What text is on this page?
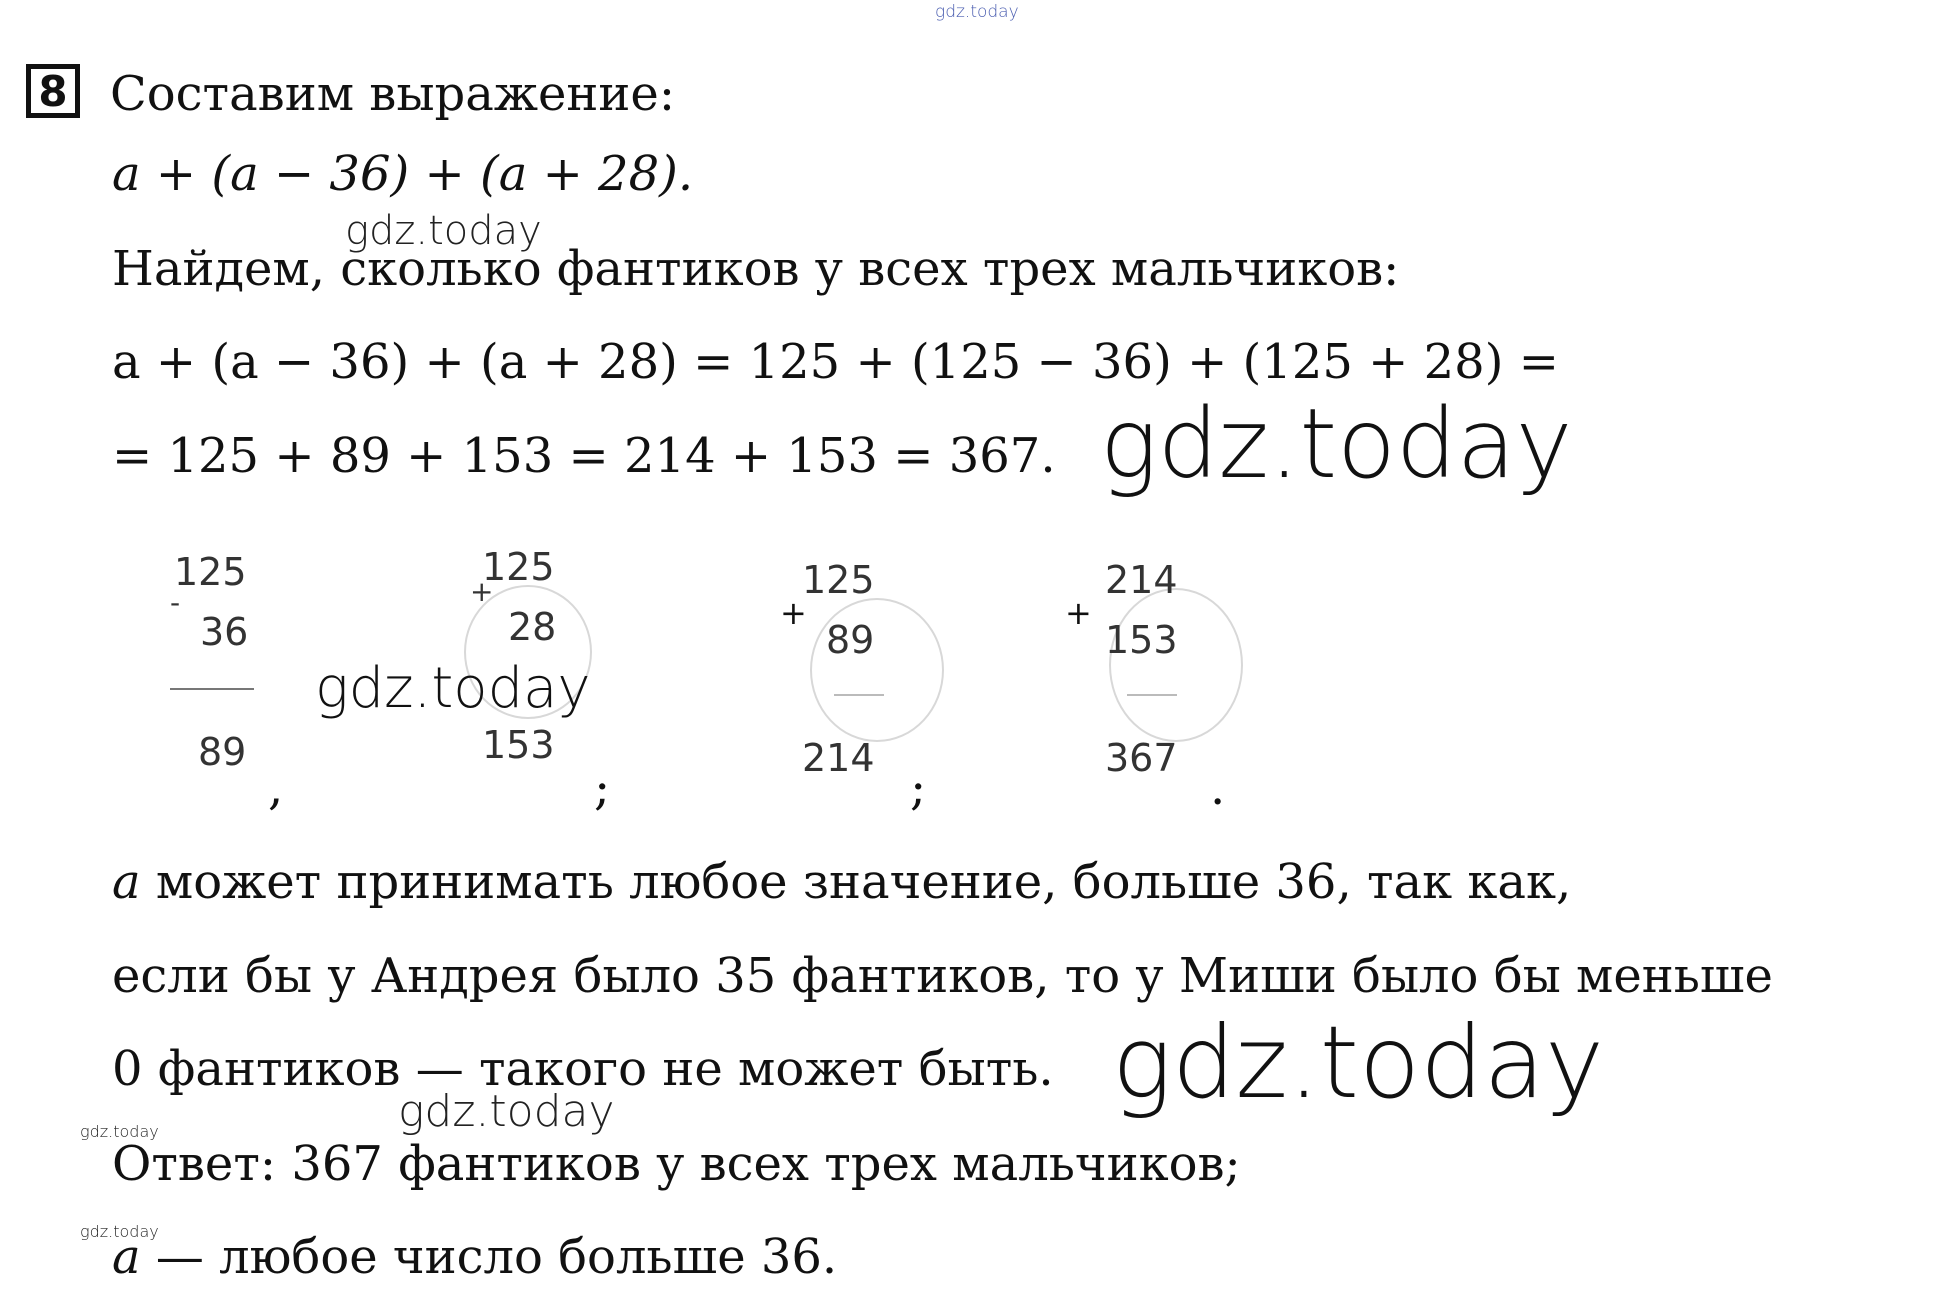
gdz.today
8 Составим выражение:
a + (a − 36) + (a + 28).
Найдем, сколько фантиков у всех трех мальчиков:
a + (a − 36) + (a + 28) = 125 + (125 − 36) + (125 + 28) =
= 125 + 89 + 153 = 214 + 153 = 367.
a может принимать любое значение, больше 36, так как,
если бы у Андрея было 35 фантиков, то у Миши было бы меньше
0 фантиков — такого не может быть.
Ответ: 367 фантиков у всех трех мальчиков;
a — любое число больше 36.
-
125
36
89
,
+
125
28
153
;
+
125
89
214
;
+
214
153
367
.
gdz.today
gdz.today
gdz.today
gdz.today
gdz.today
gdz.today
gdz.today
